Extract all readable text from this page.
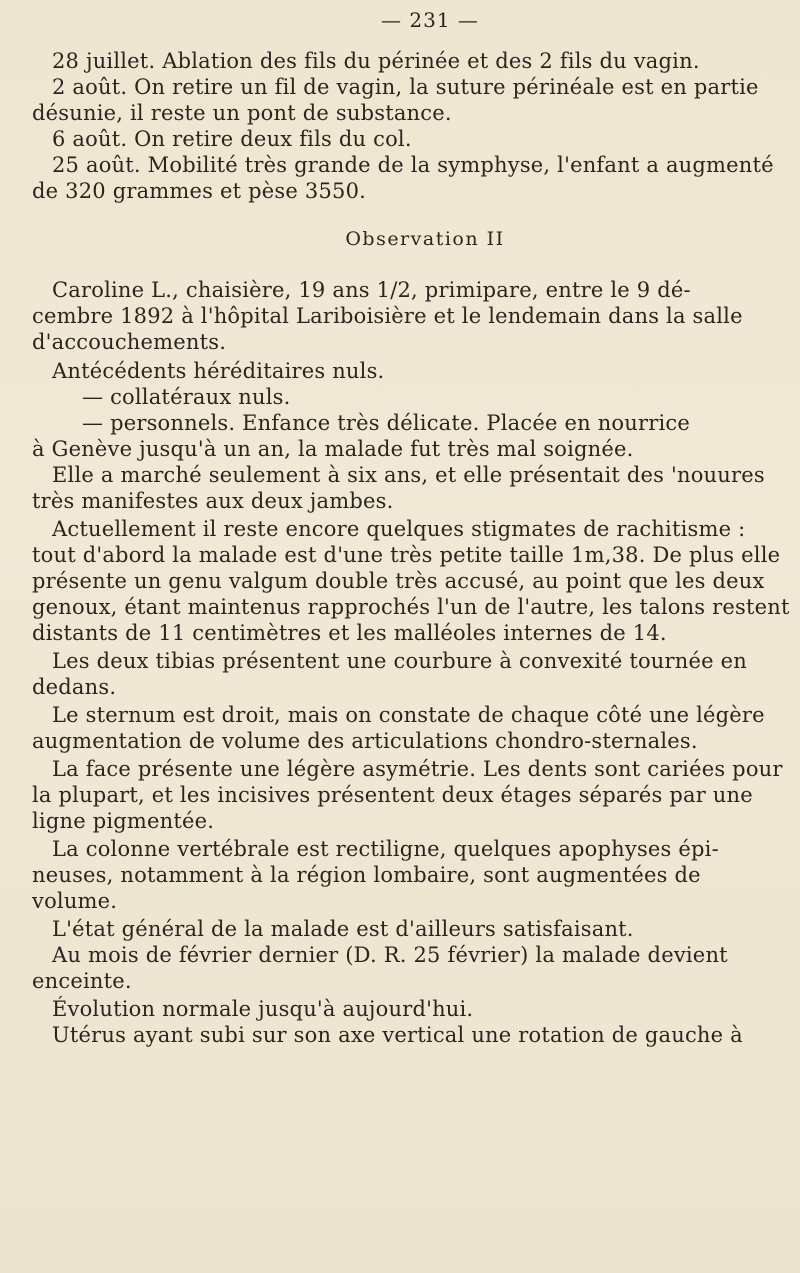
— 231 —
28 juillet. Ablation des fils du périnée et des 2 fils du vagin.
2 août. On retire un fil de vagin, la suture périnéale est en partie
désunie, il reste un pont de substance.
6 août. On retire deux fils du col.
25 août. Mobilité très grande de la symphyse, l'enfant a augmenté
de 320 grammes et pèse 3550.
Observation II
Caroline L., chaisière, 19 ans 1/2, primipare, entre le 9 dé-
cembre 1892 à l'hôpital Lariboisière et le lendemain dans la salle
d'accouchements.
Antécédents héréditaires nuls.
— collatéraux nuls.
— personnels. Enfance très délicate. Placée en nourrice
à Genève jusqu'à un an, la malade fut très mal soignée.
Elle a marché seulement à six ans, et elle présentait des 'nouures
très manifestes aux deux jambes.
Actuellement il reste encore quelques stigmates de rachitisme :
tout d'abord la malade est d'une très petite taille 1m,38. De plus elle
présente un genu valgum double très accusé, au point que les deux
genoux, étant maintenus rapprochés l'un de l'autre, les talons restent
distants de 11 centimètres et les malléoles internes de 14.
Les deux tibias présentent une courbure à convexité tournée en
dedans.
Le sternum est droit, mais on constate de chaque côté une légère
augmentation de volume des articulations chondro-sternales.
La face présente une légère asymétrie. Les dents sont cariées pour
la plupart, et les incisives présentent deux étages séparés par une
ligne pigmentée.
La colonne vertébrale est rectiligne, quelques apophyses épi-
neuses, notamment à la région lombaire, sont augmentées de
volume.
L'état général de la malade est d'ailleurs satisfaisant.
Au mois de février dernier (D. R. 25 février) la malade devient
enceinte.
Évolution normale jusqu'à aujourd'hui.
Utérus ayant subi sur son axe vertical une rotation de gauche à
